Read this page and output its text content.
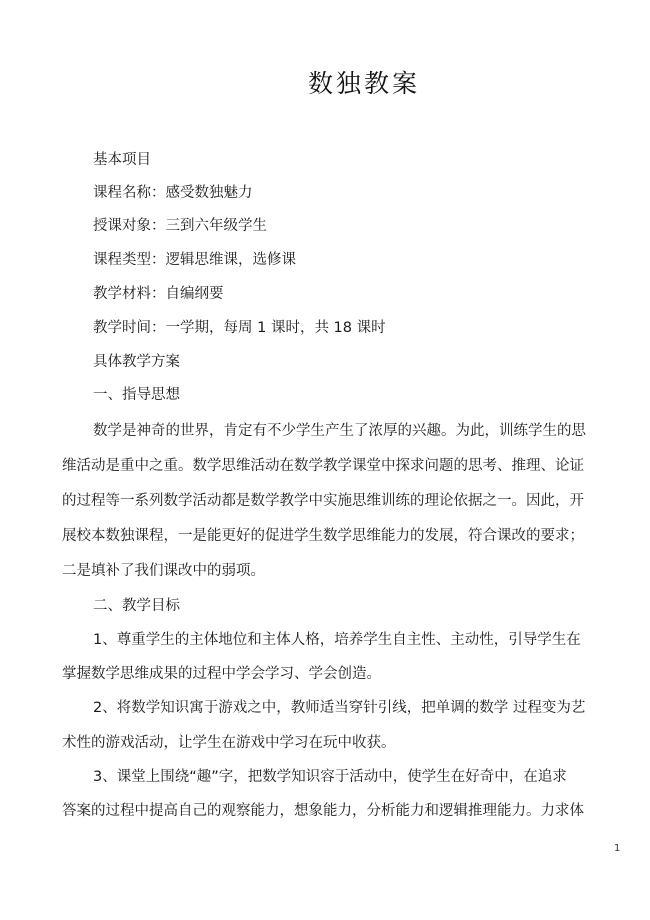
数独教案
基本项目
课程名称：感受数独魅力
授课对象：三到六年级学生
课程类型：逻辑思维课，选修课
教学材料：自编纲要
教学时间：一学期，每周 1 课时，共 18 课时
具体教学方案
一、指导思想
数学是神奇的世界，肯定有不少学生产生了浓厚的兴趣。为此，训练学生的思
维活动是重中之重。数学思维活动在数学教学课堂中探求问题的思考、推理、论证
的过程等一系列数学活动都是数学教学中实施思维训练的理论依据之一。因此，开
展校本数独课程，一是能更好的促进学生数学思维能力的发展，符合课改的要求；
二是填补了我们课改中的弱项。
二、教学目标
1、尊重学生的主体地位和主体人格，培养学生自主性、主动性，引导学生在
掌握数学思维成果的过程中学会学习、学会创造。
2、将数学知识寓于游戏之中，教师适当穿针引线，把单调的数学 过程变为艺
术性的游戏活动，让学生在游戏中学习在玩中收获。
3、课堂上围绕“趣”字，把数学知识容于活动中，使学生在好奇中，在追求
答案的过程中提高自己的观察能力，想象能力，分析能力和逻辑推理能力。力求体
1
